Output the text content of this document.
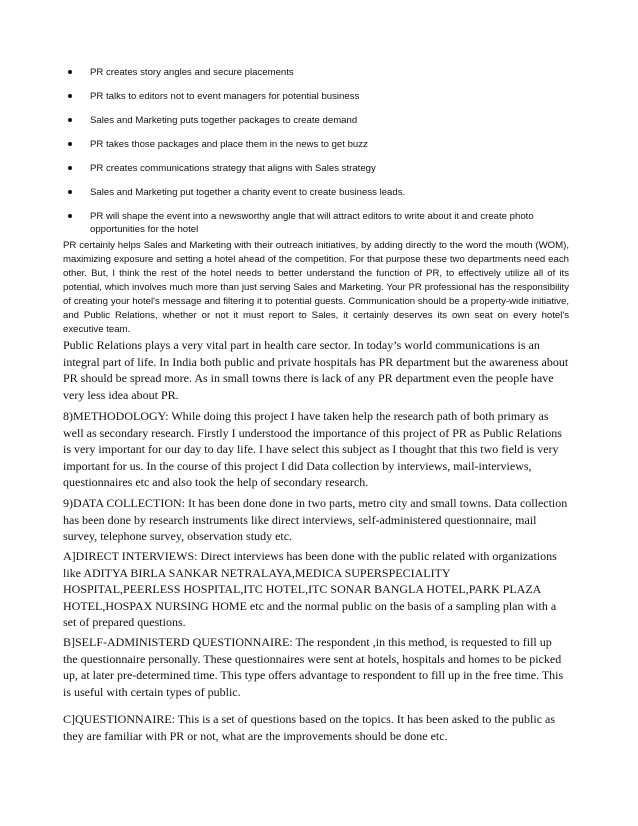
PR creates story angles and secure placements
PR talks to editors not to event managers for potential business
Sales and Marketing puts together packages to create demand
PR takes those packages and place them in the news to get buzz
PR creates communications strategy that aligns with Sales strategy
Sales and Marketing put together a charity event to create business leads.
PR will shape the event into a newsworthy angle that will attract editors to write about it and create photo opportunities for the hotel

PR certainly helps Sales and Marketing with their outreach initiatives, by adding directly to the word the mouth (WOM), maximizing exposure and setting a hotel ahead of the competition. For that purpose these two departments need each other. But, I think the rest of the hotel needs to better understand the function of PR, to effectively utilize all of its potential, which involves much more than just serving Sales and Marketing. Your PR professional has the responsibility of creating your hotel's message and filtering it to potential guests. Communication should be a property-wide initiative, and Public Relations, whether or not it must report to Sales, it certainly deserves its own seat on every hotel's executive team.

Public Relations plays a very vital part in health care sector. In today’s world communications is an integral part of life. In India both public and private hospitals has PR department but the awareness about PR should be spread more. As in small towns there is lack of any PR department even the people have very less idea about PR.

8)METHODOLOGY: While doing this project I have taken help the research path of both primary as well as secondary research. Firstly I understood the importance of this project of PR as Public Relations is very important for our day to day life. I have select this subject as I thought that this two field is very important for us. In the course of this project I did Data collection by interviews, mail-interviews, questionnaires etc and also took the help of secondary research.

9)DATA COLLECTION: It has been done done in two parts, metro city and small towns. Data collection has been done by research instruments like direct interviews, self-administered questionnaire, mail survey, telephone survey, observation study etc.

A]DIRECT INTERVIEWS: Direct interviews has been done with the public related with organizations like ADITYA BIRLA SANKAR NETRALAYA,MEDICA SUPERSPECIALITY HOSPITAL,PEERLESS HOSPITAL,ITC HOTEL,ITC SONAR BANGLA HOTEL,PARK PLAZA HOTEL,HOSPAX NURSING HOME etc and the normal public on the basis of a sampling plan with a set of prepared questions.

B]SELF-ADMINISTERD QUESTIONNAIRE: The respondent ,in this method, is requested to fill up the questionnaire personally. These questionnaires were sent at hotels, hospitals and homes to be picked up, at later pre-determined time. This type offers advantage to respondent to fill up in the free time. This is useful with certain types of public.

C]QUESTIONNAIRE: This is a set of questions based on the topics. It has been asked to the public as they are familiar with PR or not, what are the improvements should be done etc.
